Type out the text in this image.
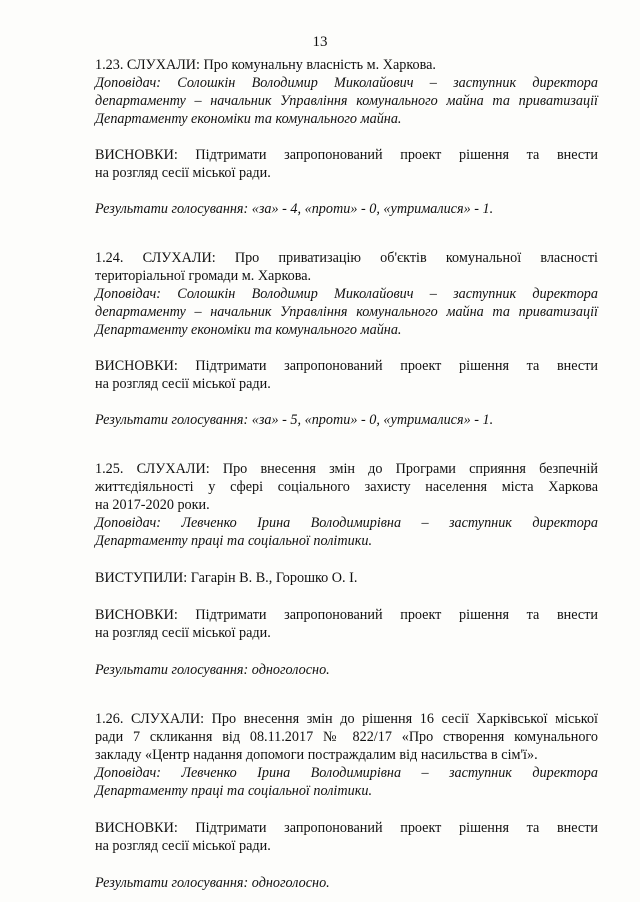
13

1.23. СЛУХАЛИ: Про комунальну власність м. Харкова.

Доповідач: Солошкін Володимир Миколайович – заступник директора

департаменту – начальник Управління комунального майна та приватизації

Департаменту економіки та комунального майна.

ВИСНОВКИ: Підтримати запропонований проект рішення та внести

на розгляд сесії міської ради.

Результати голосування: «за» - 4, «проти» - 0, «утрималися» - 1.

1.24. СЛУХАЛИ: Про приватизацію об'єктів комунальної власності

територіальної громади м. Харкова.

Доповідач: Солошкін Володимир Миколайович – заступник директора

департаменту – начальник Управління комунального майна та приватизації

Департаменту економіки та комунального майна.

ВИСНОВКИ: Підтримати запропонований проект рішення та внести

на розгляд сесії міської ради.

Результати голосування: «за» - 5, «проти» - 0, «утрималися» - 1.

1.25. СЛУХАЛИ: Про внесення змін до Програми сприяння безпечній

життєдіяльності у сфері соціального захисту населення міста Харкова

на 2017-2020 роки.

Доповідач: Левченко Ірина Володимирівна – заступник директора

Департаменту праці та соціальної політики.

ВИСТУПИЛИ: Гагарін В. В., Горошко О. І.

ВИСНОВКИ: Підтримати запропонований проект рішення та внести

на розгляд сесії міської ради.

Результати голосування: одноголосно.

1.26. СЛУХАЛИ: Про внесення змін до рішення 16 сесії Харківської міської

ради 7 скликання від 08.11.2017 № 822/17 «Про створення комунального

закладу «Центр надання допомоги постраждалим від насильства в сім'ї».

Доповідач: Левченко Ірина Володимирівна – заступник директора

Департаменту праці та соціальної політики.

ВИСНОВКИ: Підтримати запропонований проект рішення та внести

на розгляд сесії міської ради.

Результати голосування: одноголосно.
